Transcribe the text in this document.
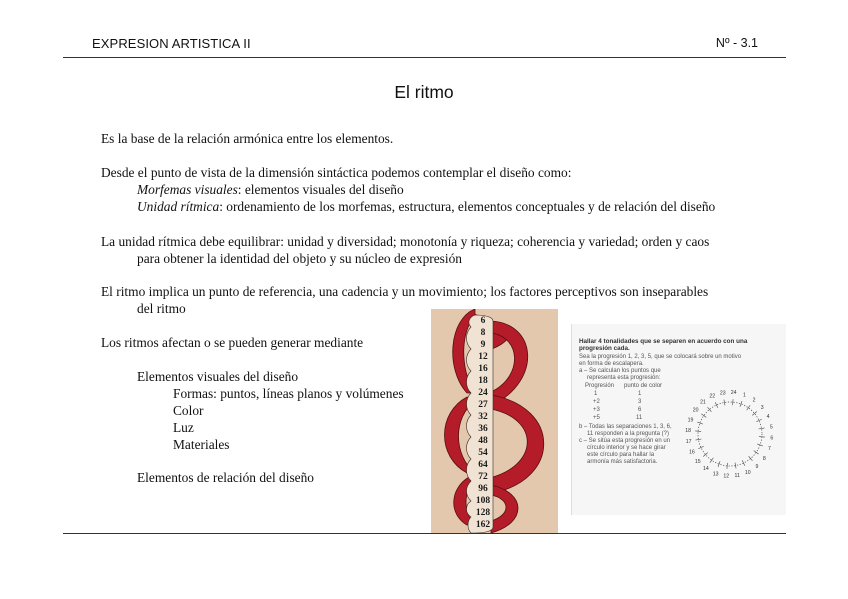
EXPRESION ARTISTICA II	Nº - 3.1
El ritmo
Es la base de la relación armónica entre los elementos.
Desde el punto de vista de la dimensión sintáctica podemos contemplar el diseño como:
Morfemas visuales: elementos visuales del diseño
Unidad rítmica: ordenamiento de los morfemas, estructura, elementos conceptuales y de relación del diseño
La unidad rítmica debe equilibrar: unidad y diversidad; monotonía y riqueza; coherencia y variedad; orden y caos
para obtener la identidad del objeto y su núcleo de expresión
El ritmo implica un punto de referencia, una cadencia y un movimiento; los factores perceptivos son inseparables
del ritmo
Los ritmos afectan o se pueden generar mediante
Elementos visuales del diseño
Formas: puntos, líneas planos y volúmenes
Color
Luz
Materiales
Elementos de relación del diseño
6
8
9
12
16
18
24
27
32
36
48
54
64
72
96
108
128
162
Hallar 4 tonalidades que se separen en acuerdo con una
progresión cada.
Sea la progresión 1, 2, 3, 5, que se colocará sobre un motivo
en forma de escalapera.
a – Se calculan los puntos que
representa esta progresión:
Progresión punto de color
1	1
+2	3
+3	6
+5	11
b – Todas las separaciones 1, 3, 6,
11 responden a la pregunta (?)
c – Se sitúa esta progresión en un
círculo interior y se hace girar
este círculo para hallar la
armonía más satisfactoria.
1
2
3
4
5
6
7
8
9
10
11
12
13
14
15
16
17
18
19
20
21
22
23 24
